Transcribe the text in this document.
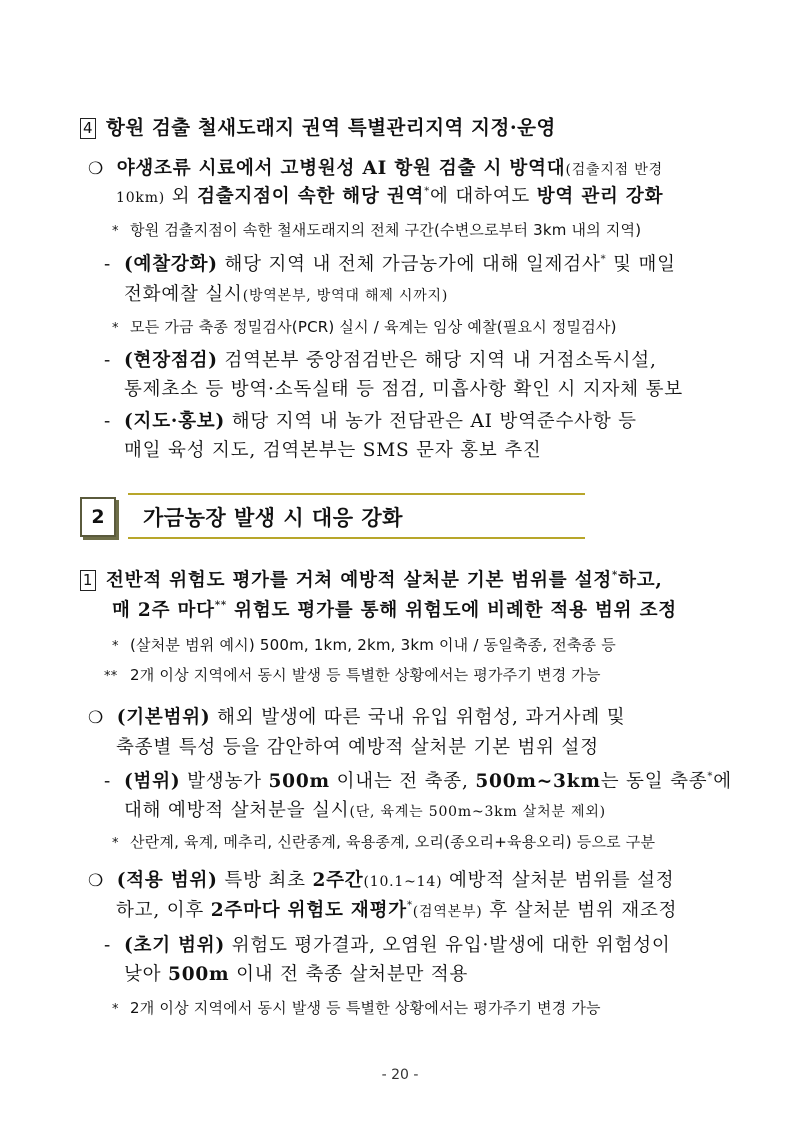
4 항원 검출 철새도래지 권역 특별관리지역 지정·운영
❍ 야생조류 시료에서 고병원성 AI 항원 검출 시 방역대(검출지점 반경
10km) 외 검출지점이 속한 해당 권역*에 대하여도 방역 관리 강화
* 항원 검출지점이 속한 철새도래지의 전체 구간(수변으로부터 3km 내의 지역)
- (예찰강화) 해당 지역 내 전체 가금농가에 대해 일제검사* 및 매일
전화예찰 실시(방역본부, 방역대 해제 시까지)
* 모든 가금 축종 정밀검사(PCR) 실시 / 육계는 임상 예찰(필요시 정밀검사)
- (현장점검) 검역본부 중앙점검반은 해당 지역 내 거점소독시설,
통제초소 등 방역·소독실태 등 점검, 미흡사항 확인 시 지자체 통보
- (지도·홍보) 해당 지역 내 농가 전담관은 AI 방역준수사항 등
매일 육성 지도, 검역본부는 SMS 문자 홍보 추진
2	가금농장 발생 시 대응 강화
1 전반적 위험도 평가를 거쳐 예방적 살처분 기본 범위를 설정*하고,
매 2주 마다** 위험도 평가를 통해 위험도에 비례한 적용 범위 조정
* (살처분 범위 예시) 500m, 1km, 2km, 3km 이내 / 동일축종, 전축종 등
** 2개 이상 지역에서 동시 발생 등 특별한 상황에서는 평가주기 변경 가능
❍ (기본범위) 해외 발생에 따른 국내 유입 위험성, 과거사례 및
축종별 특성 등을 감안하여 예방적 살처분 기본 범위 설정
- (범위) 발생농가 500m 이내는 전 축종, 500m~3km는 동일 축종*에
대해 예방적 살처분을 실시(단, 육계는 500m~3km 살처분 제외)
* 산란계, 육계, 메추리, 신란종계, 육용종계, 오리(종오리+육용오리) 등으로 구분
❍ (적용 범위) 특방 최초 2주간(10.1~14) 예방적 살처분 범위를 설정
하고, 이후 2주마다 위험도 재평가*(검역본부) 후 살처분 범위 재조정
- (초기 범위) 위험도 평가결과, 오염원 유입·발생에 대한 위험성이
낮아 500m 이내 전 축종 살처분만 적용
* 2개 이상 지역에서 동시 발생 등 특별한 상황에서는 평가주기 변경 가능
- 20 -
